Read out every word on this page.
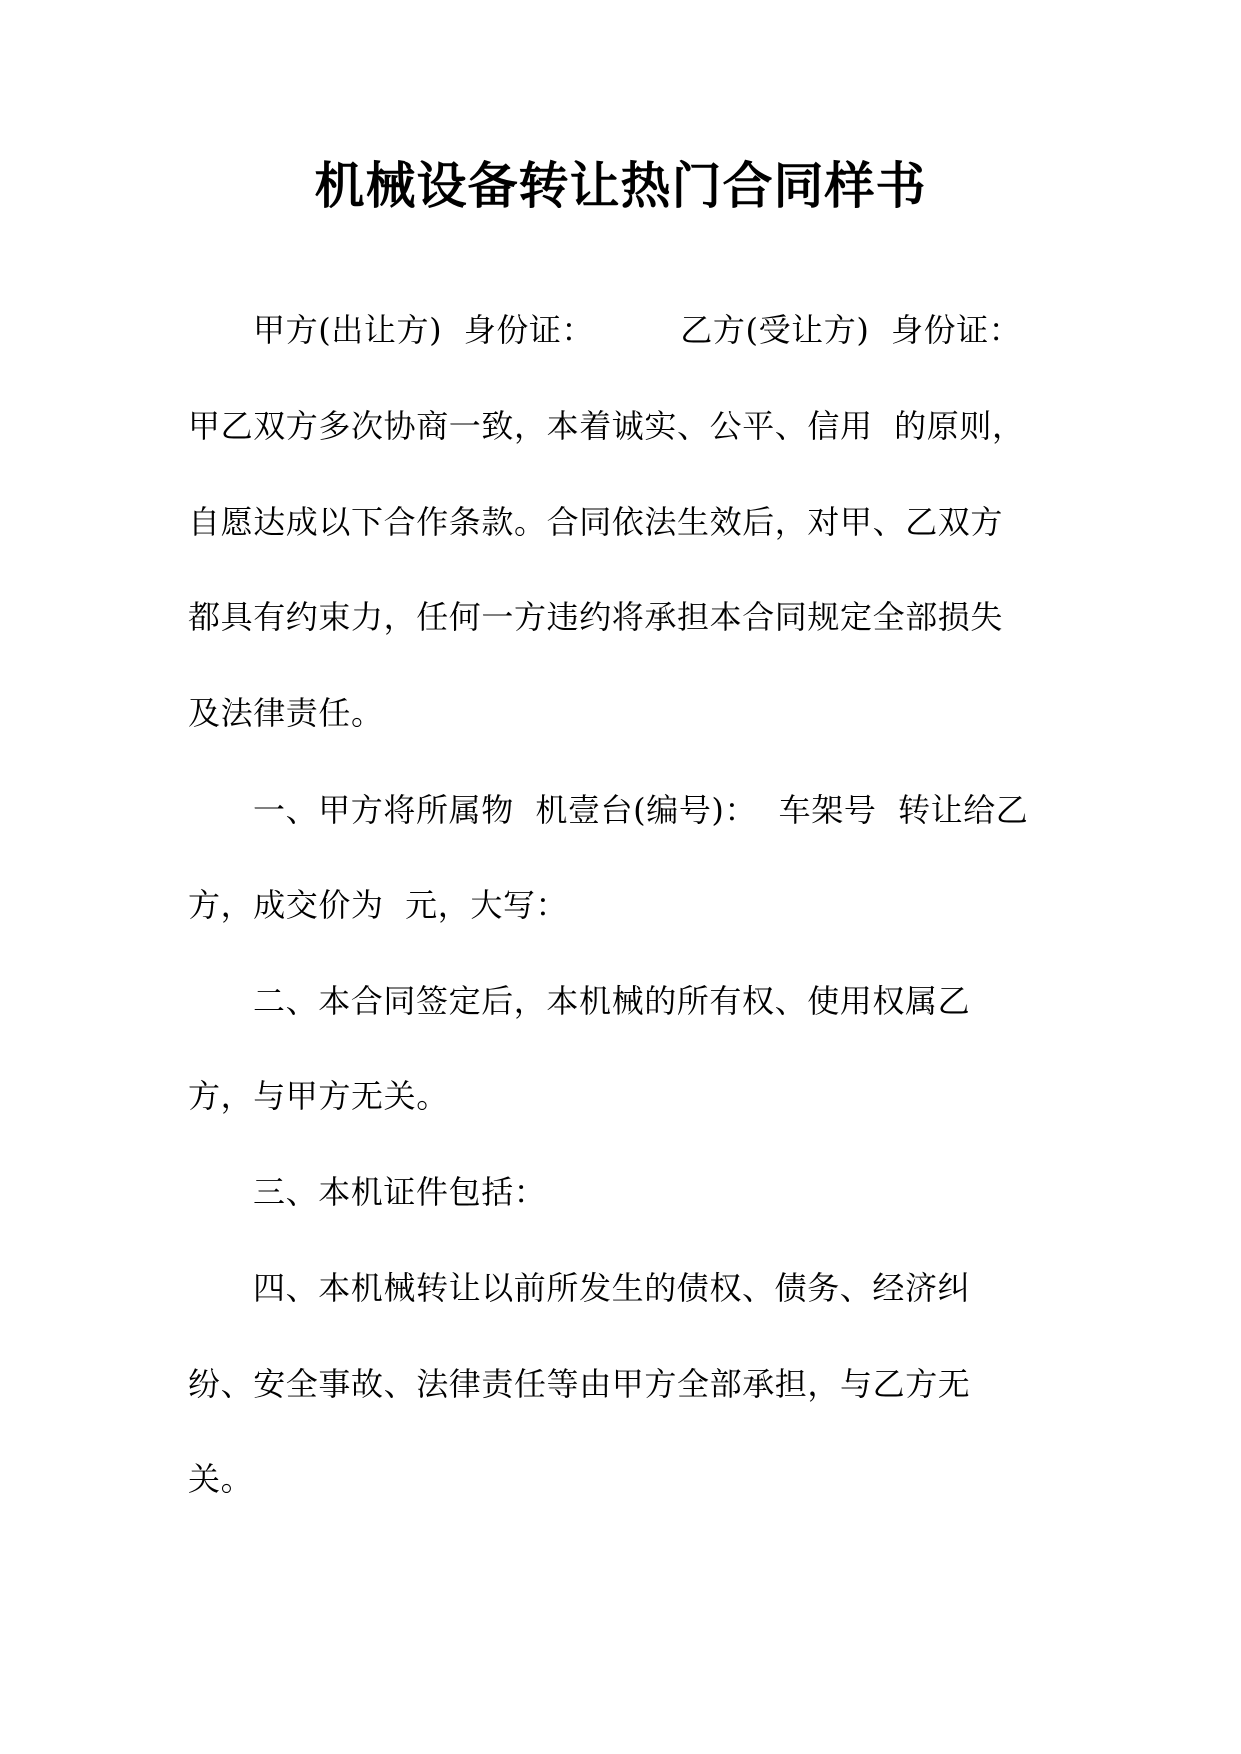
机械设备转让热门合同样书
甲方(出让方)  身份证：        乙方(受让方)  身份证：
甲乙双方多次协商一致，本着诚实、公平、信用  的原则，
自愿达成以下合作条款。合同依法生效后，对甲、乙双方
都具有约束力，任何一方违约将承担本合同规定全部损失
及法律责任。
一、甲方将所属物  机壹台(编号)：  车架号  转让给乙
方，成交价为  元，大写：
二、本合同签定后，本机械的所有权、使用权属乙
方，与甲方无关。
三、本机证件包括：
四、本机械转让以前所发生的债权、债务、经济纠
纷、安全事故、法律责任等由甲方全部承担，与乙方无
关。
